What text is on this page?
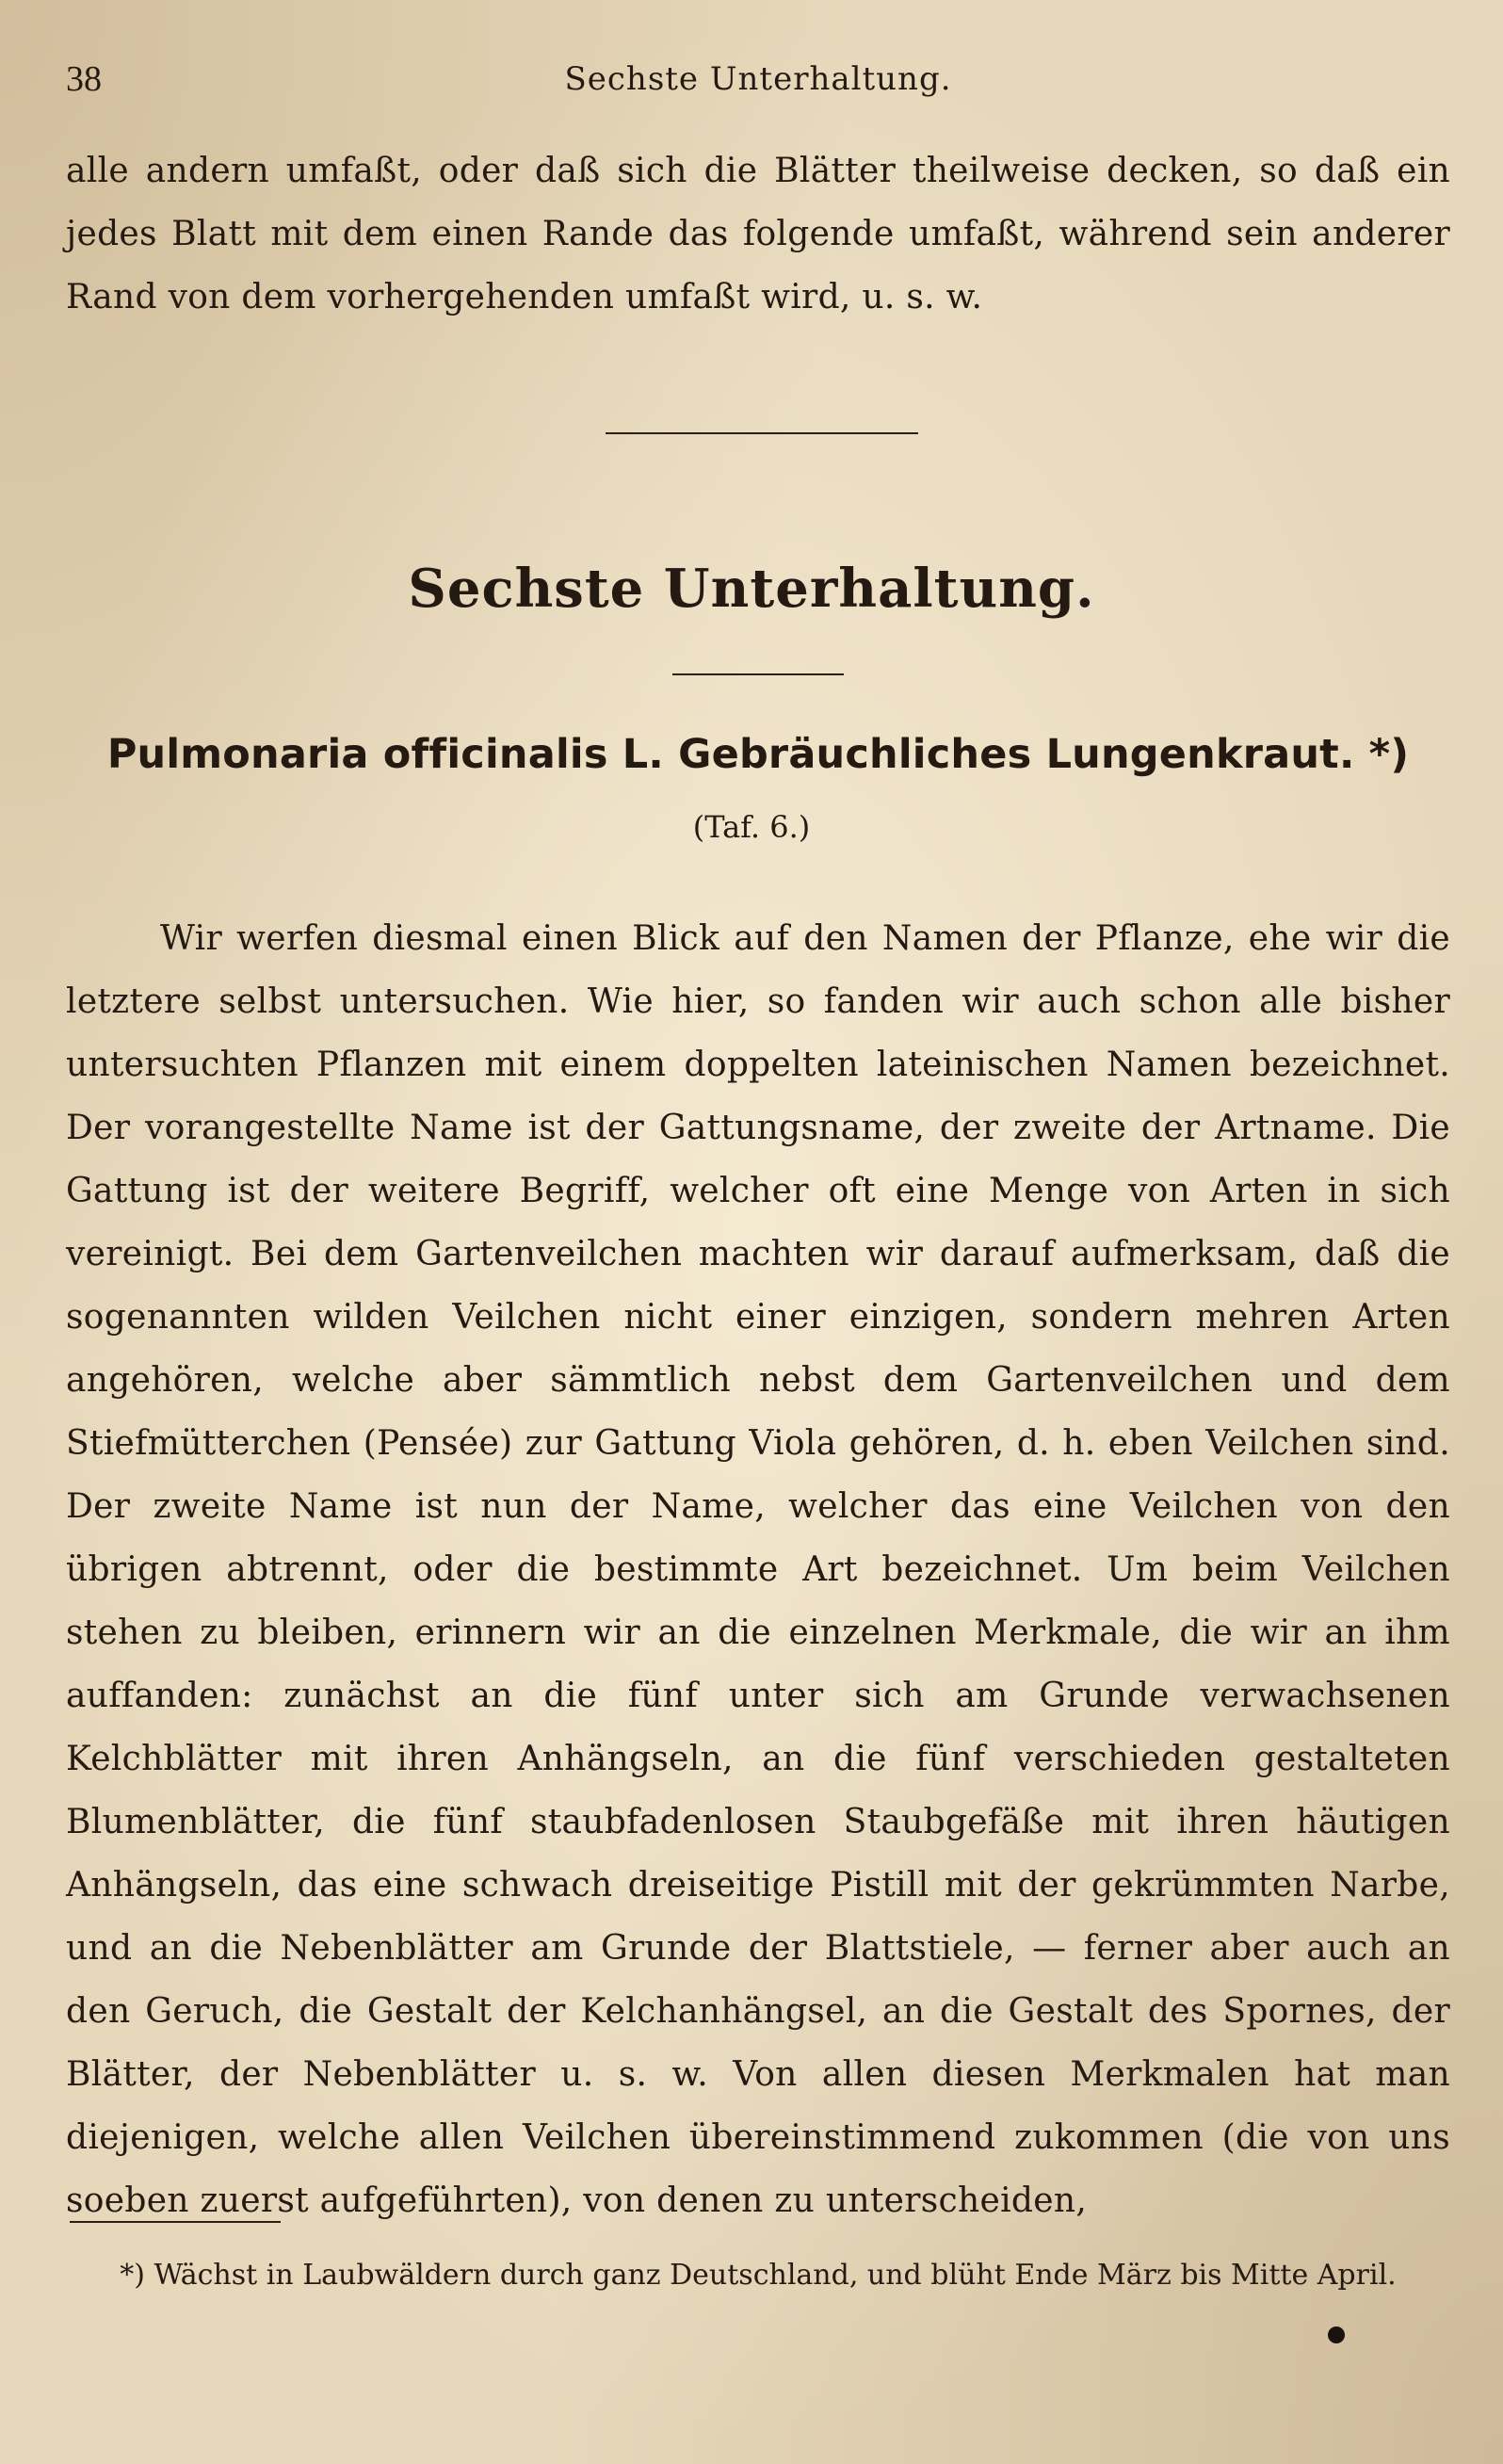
38	Sechste Unterhaltung.

alle andern umfaßt, oder daß sich die Blätter theilweise decken, so daß ein jedes Blatt mit dem einen Rande das folgende umfaßt, während sein anderer Rand von dem vorhergehenden umfaßt wird, u. s. w.

Sechste Unterhaltung.
Pulmonaria officinalis L. Gebräuchliches Lungenkraut. *)
(Taf. 6.)

Wir werfen diesmal einen Blick auf den Namen der Pflanze, ehe wir die letztere selbst untersuchen. Wie hier, so fanden wir auch schon alle bisher untersuchten Pflanzen mit einem doppelten lateinischen Namen bezeichnet. Der vorangestellte Name ist der Gattungsname, der zweite der Artname. Die Gattung ist der weitere Begriff, welcher oft eine Menge von Arten in sich vereinigt. Bei dem Gartenveilchen machten wir darauf aufmerksam, daß die sogenannten wilden Veilchen nicht einer einzigen, sondern mehren Arten angehören, welche aber sämmtlich nebst dem Gartenveilchen und dem Stiefmütterchen (Pensée) zur Gattung Viola gehören, d. h. eben Veilchen sind. Der zweite Name ist nun der Name, welcher das eine Veilchen von den übrigen abtrennt, oder die bestimmte Art bezeichnet. Um beim Veilchen stehen zu bleiben, erinnern wir an die einzelnen Merkmale, die wir an ihm auffanden: zunächst an die fünf unter sich am Grunde verwachsenen Kelchblätter mit ihren Anhängseln, an die fünf verschieden gestalteten Blumenblätter, die fünf staubfadenlosen Staubgefäße mit ihren häutigen Anhängseln, das eine schwach dreiseitige Pistill mit der gekrümmten Narbe, und an die Nebenblätter am Grunde der Blattstiele, — ferner aber auch an den Geruch, die Gestalt der Kelchanhängsel, an die Gestalt des Spornes, der Blätter, der Nebenblätter u. s. w. Von allen diesen Merkmalen hat man diejenigen, welche allen Veilchen übereinstimmend zukommen (die von uns soeben zuerst aufgeführten), von denen zu unterscheiden,

*) Wächst in Laubwäldern durch ganz Deutschland, und blüht Ende März bis Mitte April.
